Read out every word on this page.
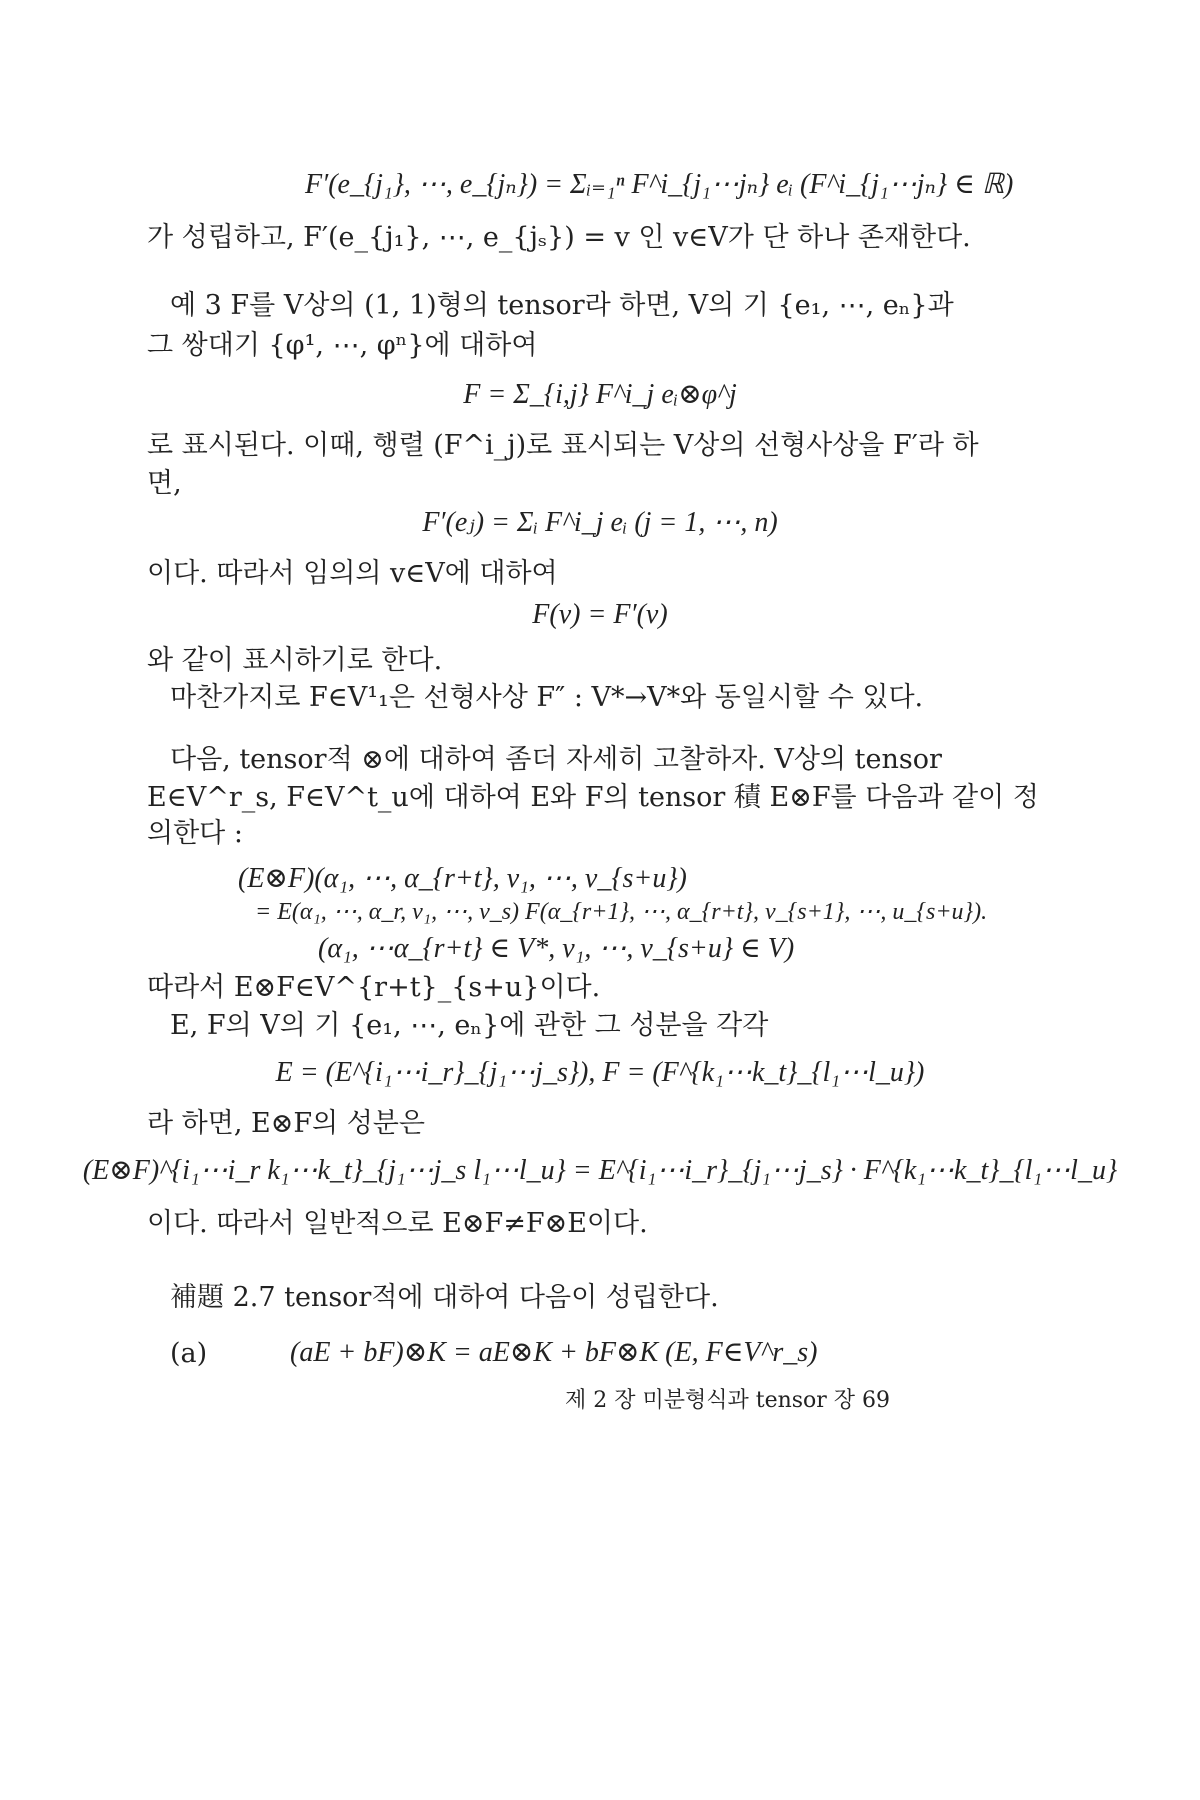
F′(e_{j₁}, ⋯, e_{jₙ}) = Σᵢ₌₁ⁿ F^i_{j₁⋯jₙ} eᵢ (F^i_{j₁⋯jₙ} ∈ ℝ)
가 성립하고, F′(e_{j₁}, ⋯, e_{jₛ}) = v 인 v∈V가 단 하나 존재한다.
예 3 F를 V상의 (1, 1)형의 tensor라 하면, V의 기 {e₁, ⋯, eₙ}과
그 쌍대기 {φ¹, ⋯, φⁿ}에 대하여
F = Σ_{i,j} F^i_j eᵢ⊗φ^j
로 표시된다. 이때, 행렬 (F^i_j)로 표시되는 V상의 선형사상을 F′라 하
면,
F′(eⱼ) = Σᵢ F^i_j eᵢ (j = 1, ⋯, n)
이다. 따라서 임의의 v∈V에 대하여
F(v) = F′(v)
와 같이 표시하기로 한다.
마찬가지로 F∈V¹₁은 선형사상 F″ : V*→V*와 동일시할 수 있다.
다음, tensor적 ⊗에 대하여 좀더 자세히 고찰하자. V상의 tensor
E∈V^r_s, F∈V^t_u에 대하여 E와 F의 tensor 積 E⊗F를 다음과 같이 정
의한다 :
(E⊗F)(α₁, ⋯, α_{r+t}, v₁, ⋯, v_{s+u})
= E(α₁, ⋯, α_r, v₁, ⋯, v_s) F(α_{r+1}, ⋯, α_{r+t}, v_{s+1}, ⋯, u_{s+u}).
(α₁, ⋯α_{r+t} ∈ V*, v₁, ⋯, v_{s+u} ∈ V)
따라서 E⊗F∈V^{r+t}_{s+u}이다.
E, F의 V의 기 {e₁, ⋯, eₙ}에 관한 그 성분을 각각
E = (E^{i₁⋯i_r}_{j₁⋯j_s}), F = (F^{k₁⋯k_t}_{l₁⋯l_u})
라 하면, E⊗F의 성분은
(E⊗F)^{i₁⋯i_r k₁⋯k_t}_{j₁⋯j_s l₁⋯l_u} = E^{i₁⋯i_r}_{j₁⋯j_s} · F^{k₁⋯k_t}_{l₁⋯l_u}
이다. 따라서 일반적으로 E⊗F≠F⊗E이다.
補題 2.7 tensor적에 대하여 다음이 성립한다.
(a)	(aE + bF)⊗K = aE⊗K + bF⊗K (E, F∈V^r_s)
제 2 장 미분형식과 tensor 장 69
